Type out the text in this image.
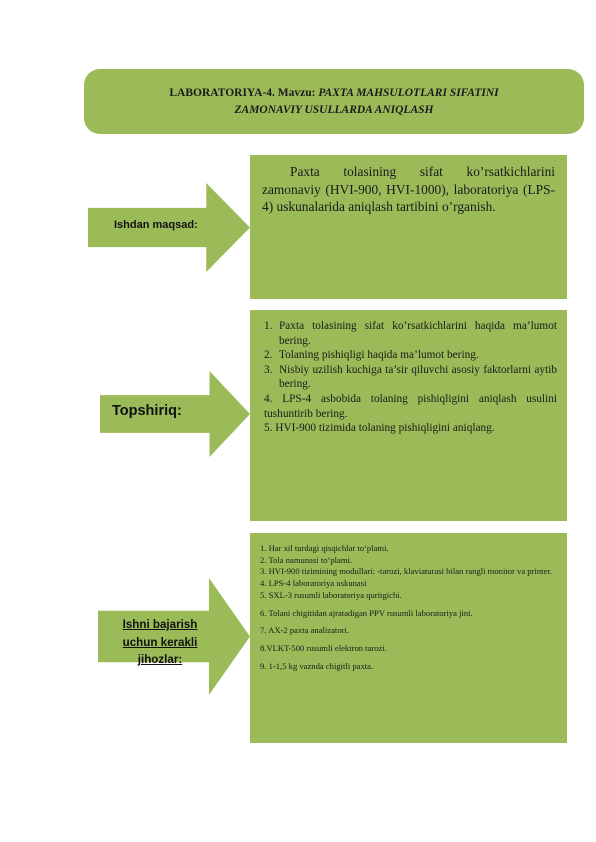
LABORATORIYA-4. Mavzu: PAXTA MAHSULOTLARI SIFATINI
ZAMONAVIY USULLARDA ANIQLASH
Ishdan maqsad:
Paxta tolasining sifat ko’rsatkichlarini zamonaviy (HVI-900, HVI-1000), laboratoriya (LPS-4) uskunalarida aniqlash tartibini o’rganish.
Topshiriq:
1. Paxta tolasining sifat ko’rsatkichlarini haqida ma’lumot bering.
2. Tolaning pishiqligi haqida ma’lumot bering.
3. Nisbiy uzilish kuchiga ta’sir qiluvchi asosiy faktorlarni aytib bering.
4. LPS-4 asbobida tolaning pishiqligini aniqlash usulini tushuntirib bering.
5. HVI-900 tizimida tolaning pishiqligini aniqlang.
Ishni bajarish
uchun kerakli
jihozlar:
1. Har xil turdagi qisqichlar to‘plami.
2. Tola namunasi to‘plami.
3. HVI-900 tizimining modullari: -tarozi, klaviaturasi bilan rangli monitor va printer.
4. LPS-4 laboratoriya uskunasi
5. SXL-3 rusumli laboratoriya quritgichi.
6. Tolani chigitidan ajratadigan PPV rusumli laboratoriya jini.
7. AX-2 paxta analizatori.
8.VLKT-500 rusumli elektron tarozi.
9. 1-1,5 kg vaznda chigitli paxta.
